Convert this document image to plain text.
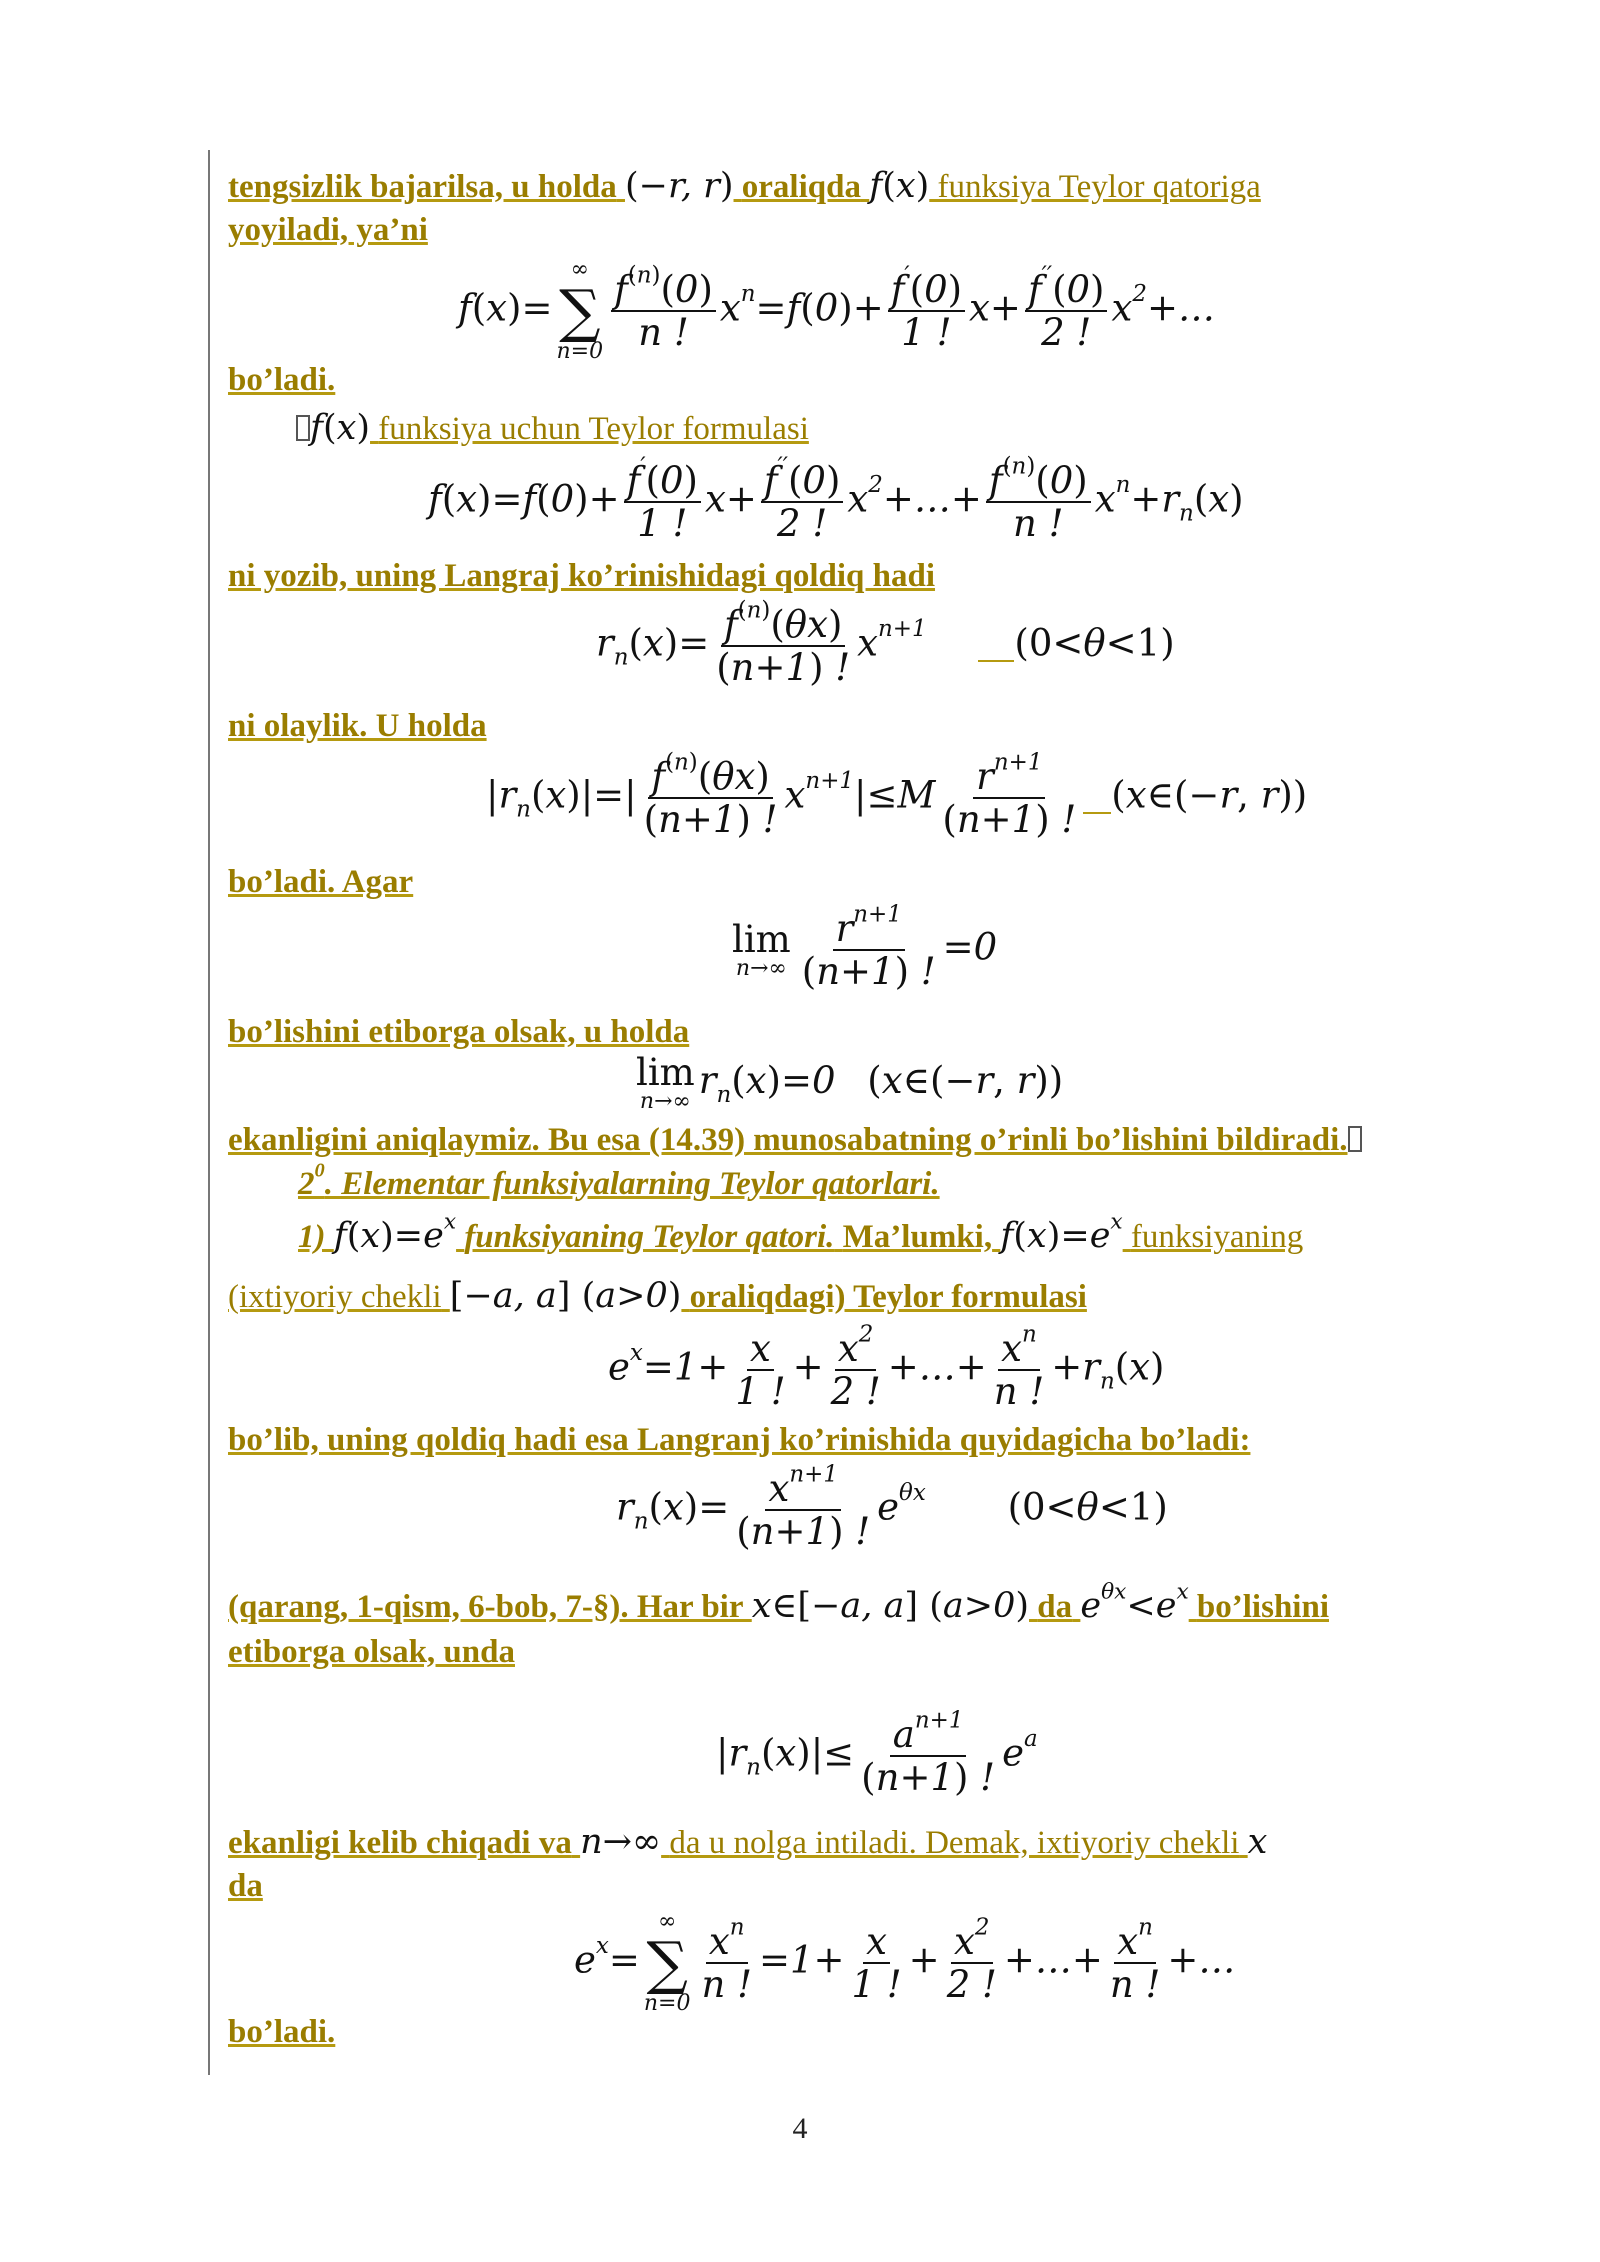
tengsizlik bajarilsa, u holda (−r, r) oraliqda f(x) funksiya Teylor qatoriga
yoyiladi, ya’ni
f(x)=
∞
∑
n=0
$\frac{f^{(n)}(0)}{n !} x^n=f(0)+ \frac{f'(0)}{1 !} x+ \frac{f''(0)}{2 !}$ $x^2+\dots$
bo’ladi.
f(x) funksiya uchun Teylor formulasi
$f(x)=f(0)+ \frac{f'(0)}{1 !} x+ \frac{f''(0)}{2 !}$ $x^2+\dots+ \frac{f^{(n)}(0)}{n !} x^n+r_n(x)$
ni yozib, uning Langraj ko’rinishidagi qoldiq hadi
$r_n(x)= \frac{f^{(n)}(\theta x)}{(n+1) !} x^{n+1}$ (0<θ<1)
ni olaylik. U holda
$|r_n(x)|=| \frac{f^{(n)}(\theta x)}{(n+1) !} x^{n+1}|\le M \frac{r^{n+1}}{(n+1) !}$ (x∈(−r, r))
bo’ladi. Agar
lim
$n\to\infty \frac{r^{n+1}}{(n+1) !} =0$
bo’lishini etiborga olsak, u holda
lim
n→∞ $r_n(x)=0$ (x∈(−r, r))
ekanligini aniqlaymiz. Bu esa (14.39) munosabatning o’rinli bo’lishini bildiradi.
$2^0$. Elementar funksiyalarning Teylor qatorlari.
1) $f(x)=e^x$ funksiyaning Teylor qatori. Ma’lumki, $f(x)=e^x$ funksiyaning
(ixtiyoriy chekli [−a, a] (a>0) oraliqdagi) Teylor formulasi
$e^x=1+ \frac{x}{1 !} + \frac{x^2}{2 !}$ +…+ $\frac{x^n}{n !} +r_n(x)$
bo’lib, uning qoldiq hadi esa Langranj ko’rinishida quyidagicha bo’ladi:
$r_n(x)= \frac{x^{n+1}}{(n+1) !} e^{\theta x}$ (0<θ<1)
(qarang, 1-qism, 6-bob, 7-§). Har bir x∈[−a, a] (a>0) da $e^{\theta x}<e^x$ bo’lishini
etiborga olsak, unda
$|r_n(x)|\le \frac{a^{n+1}}{(n+1) !} e^a$
ekanligi kelib chiqadi va n→∞ da u nolga intiladi. Demak, ixtiyoriy chekli x
da
$e^x=$
∞
∑
n=0
$\frac{x^n}{n !} =1+ \frac{x}{1 !} + \frac{x^2}{2 !}$ +…+ $\frac{x^n}{n !}$ +…
bo’ladi.
4
